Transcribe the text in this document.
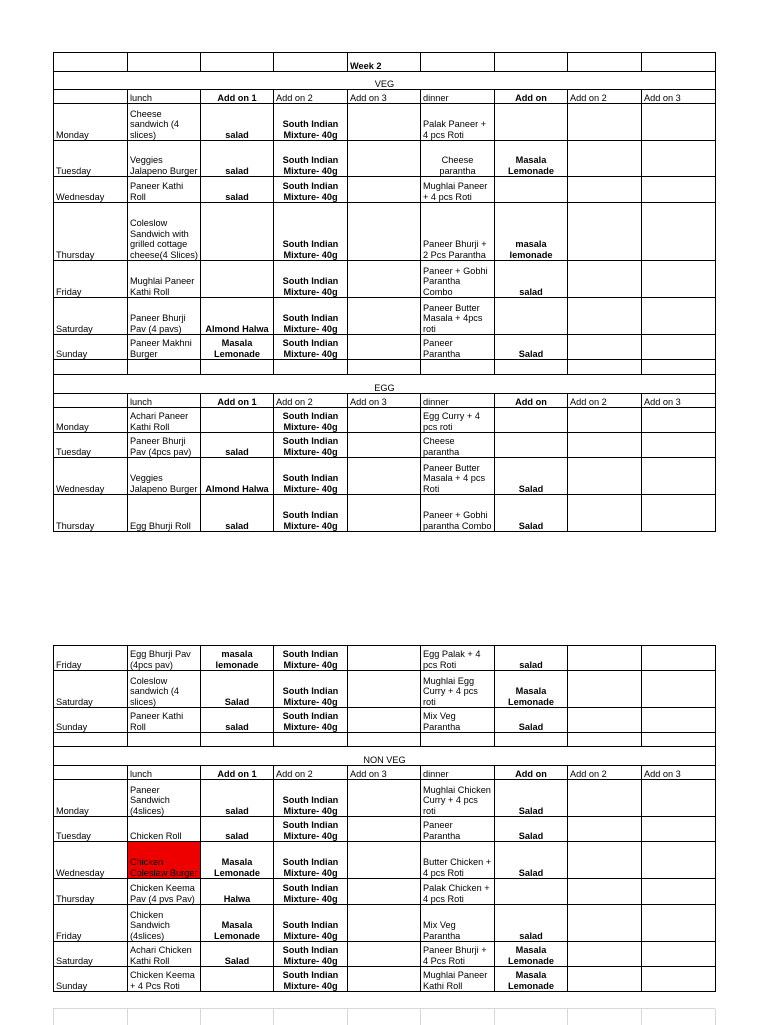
				Week 2				
VEG								
	lunch	Add on 1	Add on 2	Add on 3	dinner	Add on	Add on 2	Add on 3
Monday	Cheese sandwich (4 slices)	salad	South Indian Mixture- 40g		Palak Paneer + 4 pcs Roti			
Tuesday	Veggies Jalapeno Burger	salad	South Indian Mixture- 40g		Cheese parantha	Masala Lemonade		
Wednesday	Paneer Kathi Roll	salad	South Indian Mixture- 40g		Mughlai Paneer + 4 pcs Roti			
Thursday	Coleslow Sandwich with grilled cottage cheese(4 Slices)		South Indian Mixture- 40g		Paneer Bhurji + 2 Pcs Parantha	masala lemonade		
Friday	Mughlai Paneer Kathi Roll		South Indian Mixture- 40g		Paneer + Gobhi Parantha Combo	salad		
Saturday	Paneer Bhurji Pav (4 pavs)	Almond Halwa	South Indian Mixture- 40g		Paneer Butter Masala + 4pcs roti			
Sunday	Paneer Makhni Burger	Masala Lemonade	South Indian Mixture- 40g		Paneer Parantha	Salad		

EGG								
	lunch	Add on 1	Add on 2	Add on 3	dinner	Add on	Add on 2	Add on 3
Monday	Achari Paneer Kathi Roll		South Indian Mixture- 40g		Egg Curry + 4 pcs roti			
Tuesday	Paneer Bhurji Pav (4pcs pav)	salad	South Indian Mixture- 40g		Cheese parantha			
Wednesday	Veggies Jalapeno Burger	Almond Halwa	South Indian Mixture- 40g		Paneer Butter Masala + 4 pcs Roti	Salad		
Thursday	Egg Bhurji Roll	salad	South Indian Mixture- 40g		Paneer + Gobhi parantha Combo	Salad		
Friday	Egg Bhurji Pav (4pcs pav)	masala lemonade	South Indian Mixture- 40g		Egg Palak + 4 pcs Roti	salad		
Saturday	Coleslow sandwich (4 slices)	Salad	South Indian Mixture- 40g		Mughlai Egg Curry + 4 pcs roti	Masala Lemonade		
Sunday	Paneer Kathi Roll	salad	South Indian Mixture- 40g		Mix Veg Parantha	Salad		

NON VEG								
	lunch	Add on 1	Add on 2	Add on 3	dinner	Add on	Add on 2	Add on 3
Monday	Paneer Sandwich (4slices)	salad	South Indian Mixture- 40g		Mughlai Chicken Curry + 4 pcs roti	Salad		
Tuesday	Chicken Roll	salad	South Indian Mixture- 40g		Paneer Parantha	Salad		
Wednesday	Chicken Coleslaw Burger	Masala Lemonade	South Indian Mixture- 40g		Butter Chicken + 4 pcs Roti	Salad		
Thursday	Chicken Keema Pav (4 pvs Pav)	Halwa	South Indian Mixture- 40g		Palak Chicken + 4 pcs Roti			
Friday	Chicken Sandwich (4slices)	Masala Lemonade	South Indian Mixture- 40g		Mix Veg Parantha	salad		
Saturday	Achari Chicken Kathi Roll	Salad	South Indian Mixture- 40g		Paneer Bhurji + 4 Pcs Roti	Masala Lemonade		
Sunday	Chicken Keema + 4 Pcs Roti		South Indian Mixture- 40g		Mughlai Paneer Kathi Roll	Masala Lemonade		
